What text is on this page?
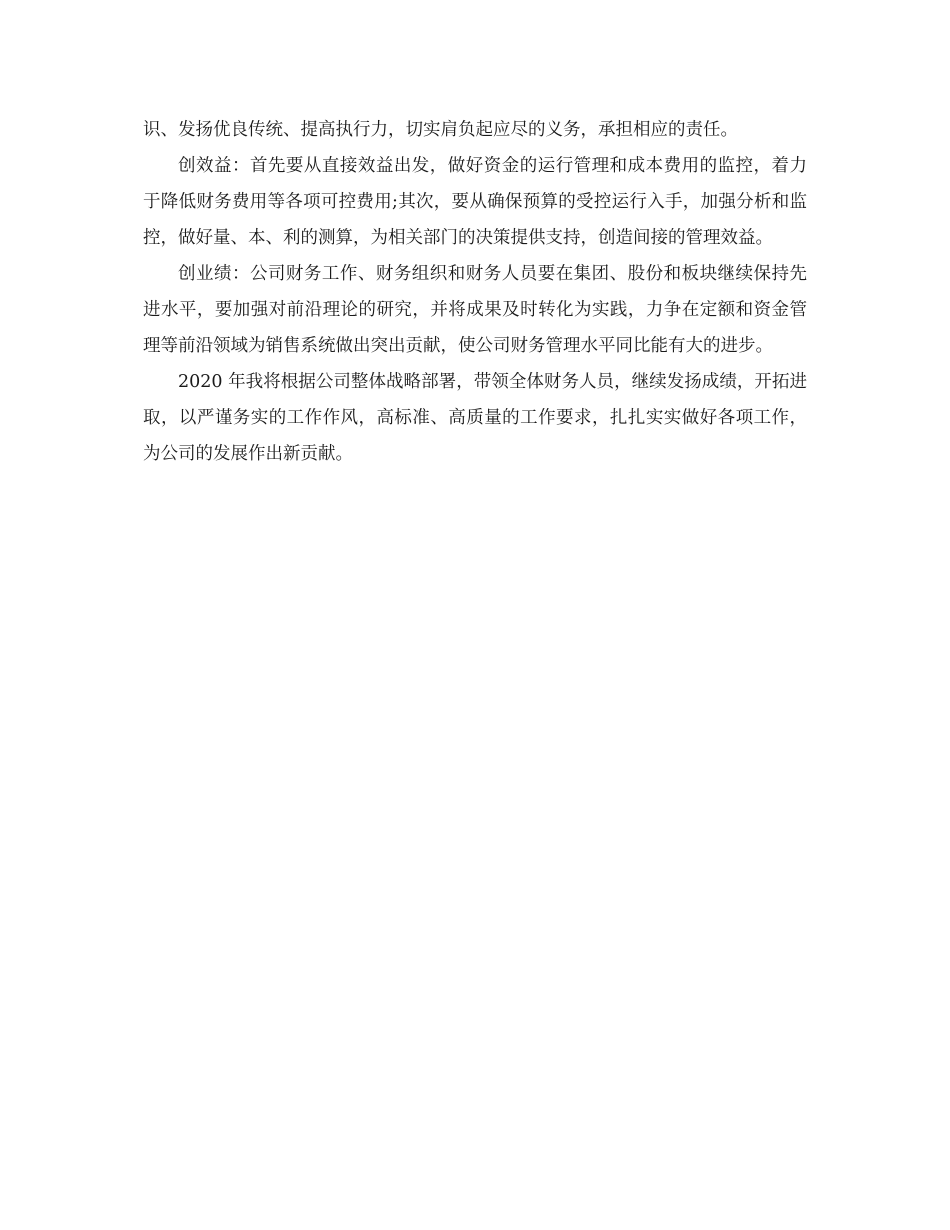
识、发扬优良传统、提高执行力，切实肩负起应尽的义务，承担相应的责任。

创效益：首先要从直接效益出发，做好资金的运行管理和成本费用的监控，着力于降低财务费用等各项可控费用;其次，要从确保预算的受控运行入手，加强分析和监控，做好量、本、利的测算，为相关部门的决策提供支持，创造间接的管理效益。

创业绩：公司财务工作、财务组织和财务人员要在集团、股份和板块继续保持先进水平，要加强对前沿理论的研究，并将成果及时转化为实践，力争在定额和资金管理等前沿领域为销售系统做出突出贡献，使公司财务管理水平同比能有大的进步。

2020 年我将根据公司整体战略部署，带领全体财务人员，继续发扬成绩，开拓进取，以严谨务实的工作作风，高标准、高质量的工作要求，扎扎实实做好各项工作，为公司的发展作出新贡献。
